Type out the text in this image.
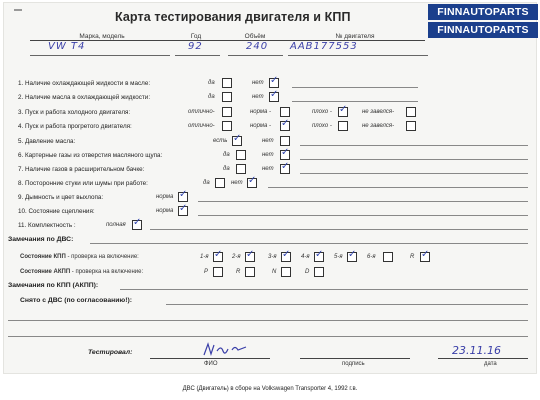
Карта тестирования двигателя и КПП	FINNAUTOPARTS
FINNAUTOPARTS
Марка, модель	Год	Объём	№ двигателя
VW T4	92	240 AAB177553
1. Наличие охлаждающей жидкости в масле:	да	нет ✓
2. Наличие масла в охлаждающей жидкости:	да	нет ✓
3. Пуск и работа холодного двигателя:	отлично-	норма -	плохо - ✓ не завелся-
4. Пуск и работа прогретого двигателя:	отлично-	норма - ✓	плохо -	не завелся-
5. Давление масла:	есть ✓	нет
6. Картерные газы из отверстия масляного щупа:	да	нет ✓
7. Наличие газов в расширительном бачке:	да	нет ✓
8. Посторонние стуки или шумы при работе:	да	нет ✓
9. Дымность и цвет выхлопа:	норма ✓
10. Состояние сцепления:	норма ✓
11. Комплектность :	полная ✓
Замечания по ДВС:
Состояние КПП - проверка на включение:	1-я ✓ 2-я ✓ 3-я ✓ 4-я ✓ 5-я ✓ 6-я	R ✓
Состояние АКПП - проверка на включение:	P	R	N	D
Замечания по КПП (АКПП):
Снято с ДВС (по согласованию!):
Тестировал:
ФИО	подпись
23.11.16
дата
ДВС (Двигатель) в сборе на Volkswagen Transporter 4, 1992 г.в.
